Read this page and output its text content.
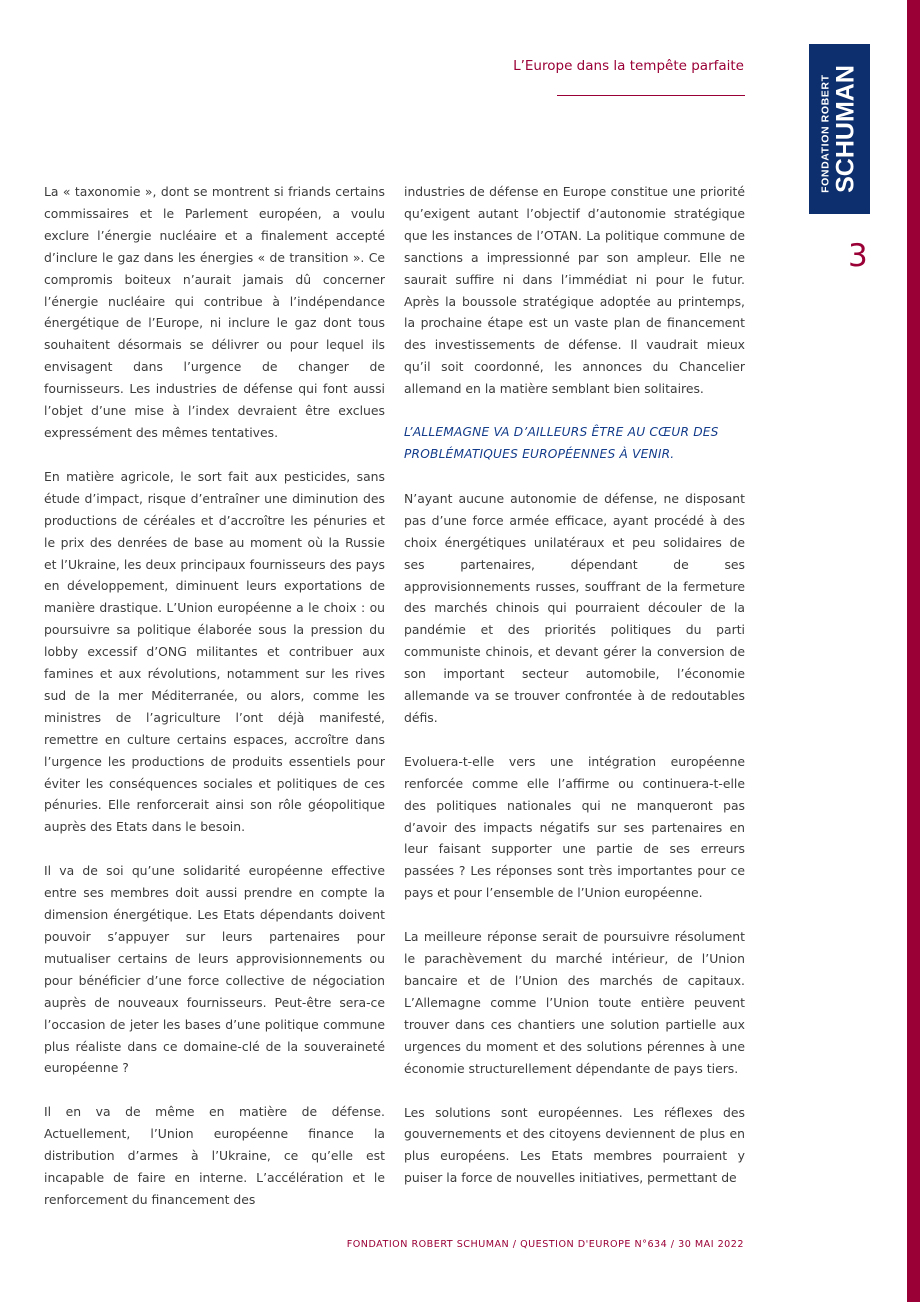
FONDATION ROBERT SCHUMAN
3
L’Europe dans la tempête parfaite

La « taxonomie », dont se montrent si friands certains commissaires et le Parlement européen, a voulu exclure l’énergie nucléaire et a finalement accepté d’inclure le gaz dans les énergies « de transition ». Ce compromis boiteux n’aurait jamais dû concerner l’énergie nucléaire qui contribue à l’indépendance énergétique de l’Europe, ni inclure le gaz dont tous souhaitent désormais se délivrer ou pour lequel ils envisagent dans l’urgence de changer de fournisseurs. Les industries de défense qui font aussi l’objet d’une mise à l’index devraient être exclues expressément des mêmes tentatives.

En matière agricole, le sort fait aux pesticides, sans étude d’impact, risque d’entraîner une diminution des productions de céréales et d’accroître les pénuries et le prix des denrées de base au moment où la Russie et l’Ukraine, les deux principaux fournisseurs des pays en développement, diminuent leurs exportations de manière drastique. L’Union européenne a le choix : ou poursuivre sa politique élaborée sous la pression du lobby excessif d’ONG militantes et contribuer aux famines et aux révolutions, notamment sur les rives sud de la mer Méditerranée, ou alors, comme les ministres de l’agriculture l’ont déjà manifesté, remettre en culture certains espaces, accroître dans l’urgence les productions de produits essentiels pour éviter les conséquences sociales et politiques de ces pénuries. Elle renforcerait ainsi son rôle géopolitique auprès des Etats dans le besoin.

Il va de soi qu’une solidarité européenne effective entre ses membres doit aussi prendre en compte la dimension énergétique. Les Etats dépendants doivent pouvoir s’appuyer sur leurs partenaires pour mutualiser certains de leurs approvisionnements ou pour bénéficier d’une force collective de négociation auprès de nouveaux fournisseurs. Peut-être sera-ce l’occasion de jeter les bases d’une politique commune plus réaliste dans ce domaine-clé de la souveraineté européenne ?

Il en va de même en matière de défense. Actuellement, l’Union européenne finance la distribution d’armes à l’Ukraine, ce qu’elle est incapable de faire en interne. L’accélération et le renforcement du financement des

industries de défense en Europe constitue une priorité qu’exigent autant l’objectif d’autonomie stratégique que les instances de l’OTAN. La politique commune de sanctions a impressionné par son ampleur. Elle ne saurait suffire ni dans l’immédiat ni pour le futur. Après la boussole stratégique adoptée au printemps, la prochaine étape est un vaste plan de financement des investissements de défense. Il vaudrait mieux qu’il soit coordonné, les annonces du Chancelier allemand en la matière semblant bien solitaires.

L’ALLEMAGNE VA D’AILLEURS ÊTRE AU CŒUR DES PROBLÉMATIQUES EUROPÉENNES À VENIR.

N’ayant aucune autonomie de défense, ne disposant pas d’une force armée efficace, ayant procédé à des choix énergétiques unilatéraux et peu solidaires de ses partenaires, dépendant de ses approvisionnements russes, souffrant de la fermeture des marchés chinois qui pourraient découler de la pandémie et des priorités politiques du parti communiste chinois, et devant gérer la conversion de son important secteur automobile, l’économie allemande va se trouver confrontée à de redoutables défis.

Evoluera-t-elle vers une intégration européenne renforcée comme elle l’affirme ou continuera-t-elle des politiques nationales qui ne manqueront pas d’avoir des impacts négatifs sur ses partenaires en leur faisant supporter une partie de ses erreurs passées ? Les réponses sont très importantes pour ce pays et pour l’ensemble de l’Union européenne.

La meilleure réponse serait de poursuivre résolument le parachèvement du marché intérieur, de l’Union bancaire et de l’Union des marchés de capitaux. L’Allemagne comme l’Union toute entière peuvent trouver dans ces chantiers une solution partielle aux urgences du moment et des solutions pérennes à une économie structurellement dépendante de pays tiers.

Les solutions sont européennes. Les réflexes des gouvernements et des citoyens deviennent de plus en plus européens. Les Etats membres pourraient y puiser la force de nouvelles initiatives, permettant de

FONDATION ROBERT SCHUMAN / QUESTION D'EUROPE N°634 / 30 MAI 2022
